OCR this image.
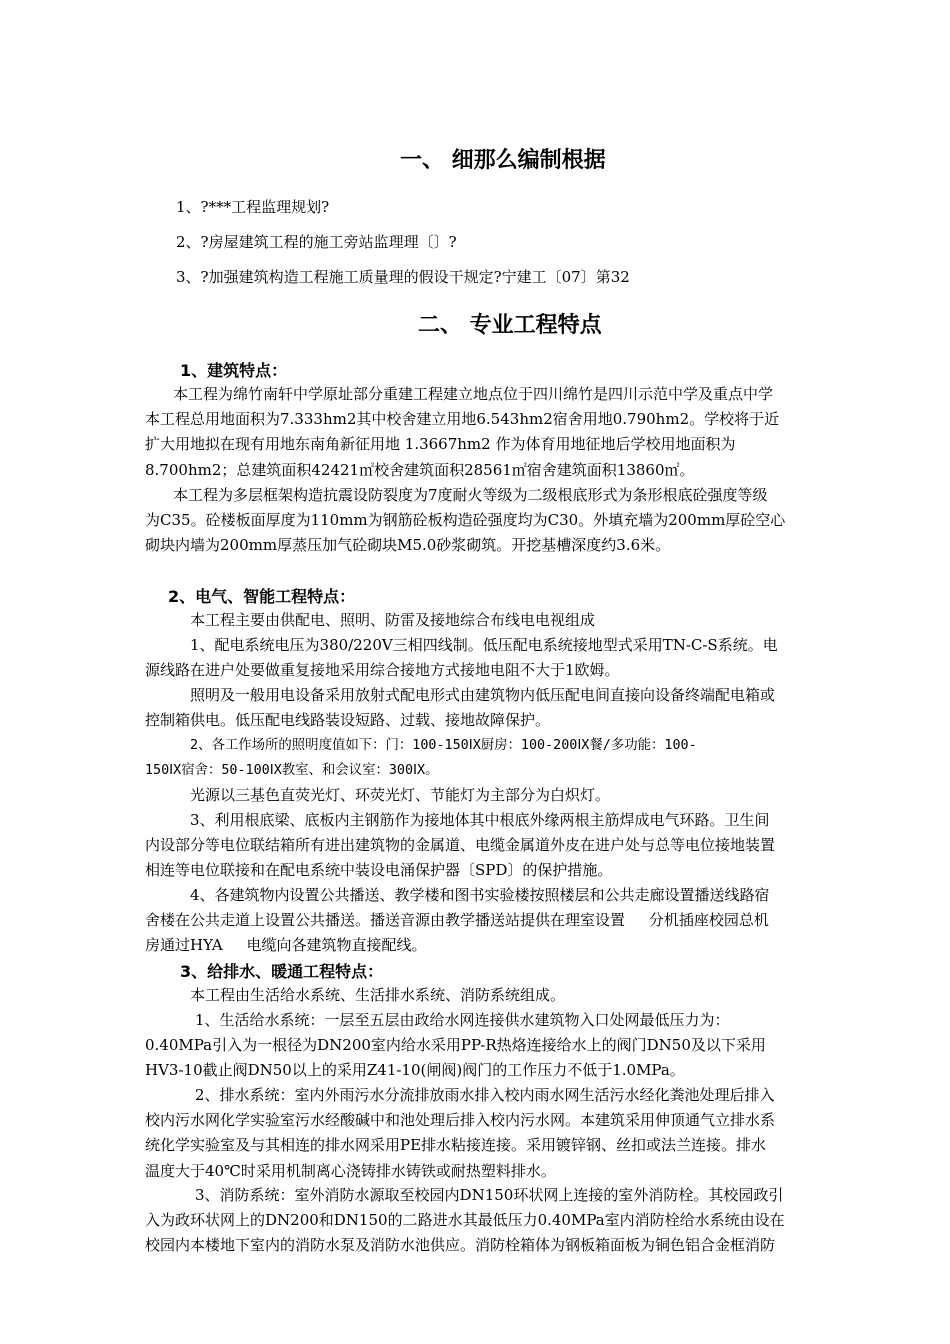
一、 细那么编制根据
1、?***工程监理规划?
2、?房屋建筑工程的施工旁站监理理〔〕?
3、?加强建筑构造工程施工质量理的假设干规定?宁建工〔07〕第32
二、 专业工程特点
1、建筑特点：
本工程为绵竹南轩中学原址部分重建工程建立地点位于四川绵竹是四川示范中学及重点中学
本工程总用地面积为7.333hm2其中校舍建立用地6.543hm2宿舍用地0.790hm2。学校将于近
扩大用地拟在现有用地东南角新征用地 1.3667hm2 作为体育用地征地后学校用地面积为
8.700hm2；总建筑面积42421㎡校舍建筑面积28561㎡宿舍建筑面积13860㎡。
本工程为多层框架构造抗震设防裂度为7度耐火等级为二级根底形式为条形根底砼强度等级
为C35。砼楼板面厚度为110mm为钢筋砼板构造砼强度均为C30。外填充墙为200mm厚砼空心
砌块内墙为200mm厚蒸压加气砼砌块M5.0砂浆砌筑。开挖基槽深度约3.6米。
2、电气、智能工程特点：
本工程主要由供配电、照明、防雷及接地综合布线电电视组成
1、配电系统电压为380/220V三相四线制。低压配电系统接地型式采用TN-C-S系统。电
源线路在进户处要做重复接地采用综合接地方式接地电阻不大于1欧姆。
照明及一般用电设备采用放射式配电形式由建筑物内低压配电间直接向设备终端配电箱或
控制箱供电。低压配电线路装设短路、过载、接地故障保护。
2、各工作场所的照明度值如下：门：100-150ⅠX厨房：100-200ⅠX餐/多功能：100-
150ⅠX宿舍：50-100ⅠX教室、和会议室：300ⅠX。
光源以三基色直荧光灯、环荧光灯、节能灯为主部分为白炽灯。
3、利用根底梁、底板内主钢筋作为接地体其中根底外缘两根主筋焊成电气环路。卫生间
内设部分等电位联结箱所有进出建筑物的金属道、电缆金属道外皮在进户处与总等电位接地装置
相连等电位联接和在配电系统中装设电涌保护器〔SPD〕的保护措施。
4、各建筑物内设置公共播送、教学楼和图书实验楼按照楼层和公共走廊设置播送线路宿
舍楼在公共走道上设置公共播送。播送音源由教学播送站提供在理室设置     分机插座校园总机
房通过HYA     电缆向各建筑物直接配线。
3、给排水、暖通工程特点：
本工程由生活给水系统、生活排水系统、消防系统组成。
1、生活给水系统：一层至五层由政给水网连接供水建筑物入口处网最低压力为：
0.40MPa引入为一根径为DN200室内给水采用PP-R热烙连接给水上的阀门DN50及以下采用
HV3-10截止阀DN50以上的采用Z41-10(闸阀)阀门的工作压力不低于1.0MPa。
2、排水系统：室内外雨污水分流排放雨水排入校内雨水网生活污水经化粪池处理后排入
校内污水网化学实验室污水经酸碱中和池处理后排入校内污水网。本建筑采用伸顶通气立排水系
统化学实验室及与其相连的排水网采用PE排水粘接连接。采用镀锌钢、丝扣或法兰连接。排水
温度大于40℃时采用机制离心浇铸排水铸铁或耐热塑料排水。
3、消防系统：室外消防水源取至校园内DN150环状网上连接的室外消防栓。其校园政引
入为政环状网上的DN200和DN150的二路进水其最低压力0.40MPa室内消防栓给水系统由设在
校园内本楼地下室内的消防水泵及消防水池供应。消防栓箱体为钢板箱面板为铜色铝合金框消防
